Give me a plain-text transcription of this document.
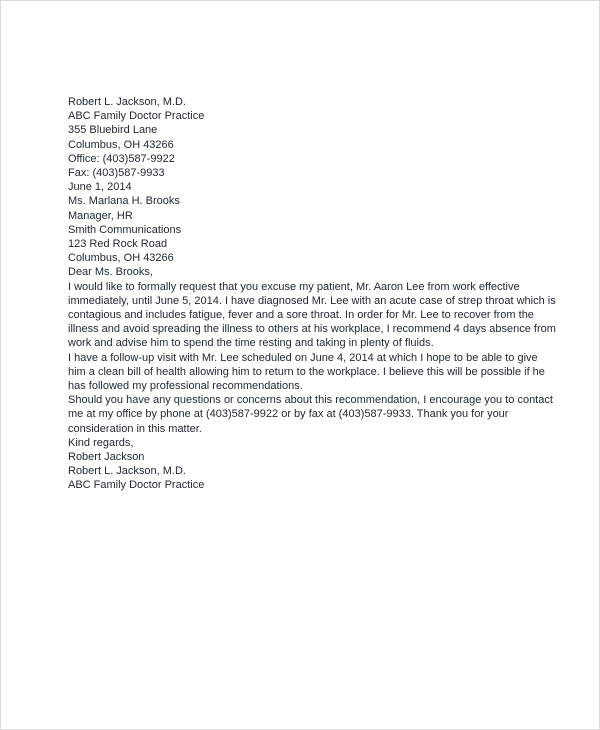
Robert L. Jackson, M.D.
ABC Family Doctor Practice
355 Bluebird Lane
Columbus, OH 43266
Office: (403)587-9922
Fax: (403)587-9933
June 1, 2014
Ms. Marlana H. Brooks
Manager, HR
Smith Communications
123 Red Rock Road
Columbus, OH 43266
Dear Ms. Brooks,
I would like to formally request that you excuse my patient, Mr. Aaron Lee from work effective immediately, until June 5, 2014. I have diagnosed Mr. Lee with an acute case of strep throat which is contagious and includes fatigue, fever and a sore throat. In order for Mr. Lee to recover from the illness and avoid spreading the illness to others at his workplace, I recommend 4 days absence from work and advise him to spend the time resting and taking in plenty of fluids.
I have a follow-up visit with Mr. Lee scheduled on June 4, 2014 at which I hope to be able to give him a clean bill of health allowing him to return to the workplace. I believe this will be possible if he has followed my professional recommendations.
Should you have any questions or concerns about this recommendation, I encourage you to contact me at my office by phone at (403)587-9922 or by fax at (403)587-9933. Thank you for your consideration in this matter.
Kind regards,
Robert Jackson
Robert L. Jackson, M.D.
ABC Family Doctor Practice
